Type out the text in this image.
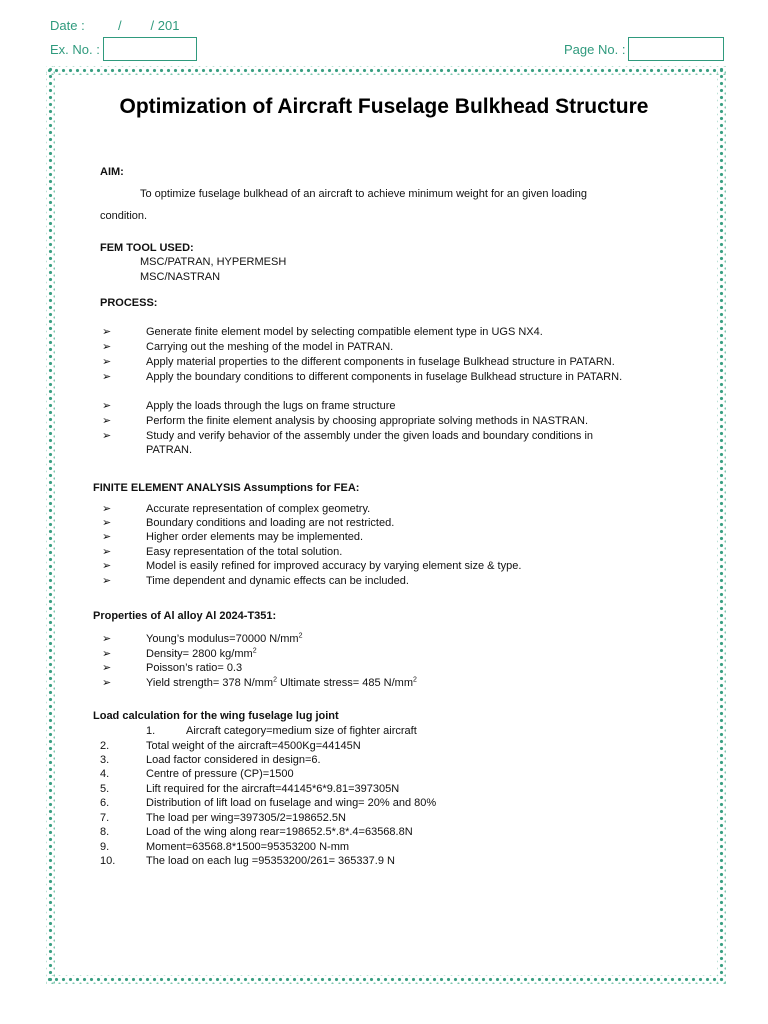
Date :	/        / 201
Ex. No. :	Page No. :
Optimization of Aircraft Fuselage Bulkhead Structure
AIM:
To optimize fuselage bulkhead of an aircraft to achieve minimum weight for an given loading
condition.
FEM TOOL USED:
MSC/PATRAN, HYPERMESH
MSC/NASTRAN
PROCESS:
➢	Generate finite element model by selecting compatible element type in UGS NX4.
➢	Carrying out the meshing of the model in PATRAN.
➢	Apply material properties to the different components in fuselage Bulkhead structure in PATARN.
➢	Apply the boundary conditions to different components in fuselage Bulkhead structure in PATARN.
➢	Apply the loads through the lugs on frame structure
➢	Perform the finite element analysis by choosing appropriate solving methods in NASTRAN.
➢	Study and verify behavior of the assembly under the given loads and boundary conditions in
PATRAN.
FINITE ELEMENT ANALYSIS Assumptions for FEA:
➢	Accurate representation of complex geometry.
➢	Boundary conditions and loading are not restricted.
➢	Higher order elements may be implemented.
➢	Easy representation of the total solution.
➢	Model is easily refined for improved accuracy by varying element size & type.
➢	Time dependent and dynamic effects can be included.
Properties of Al alloy Al 2024-T351:
➢	Young’s modulus=70000 $N/mm^2$
➢	Density= 2800 $kg/mm^2$
➢	Poisson’s ratio= 0.3
➢	Yield strength= 378 $N/mm^2$ Ultimate stress= 485 $N/mm^2$
Load calculation for the wing fuselage lug joint
1.	Aircraft category=medium size of fighter aircraft
2.	Total weight of the aircraft=4500Kg=44145N
3.	Load factor considered in design=6.
4.	Centre of pressure (CP)=1500
5.	Lift required for the aircraft=44145*6*9.81=397305N
6.	Distribution of lift load on fuselage and wing= 20% and 80%
7.	The load per wing=397305/2=198652.5N
8.	Load of the wing along rear=198652.5*.8*.4=63568.8N
9.	Moment=63568.8*1500=95353200 N-mm
10.	The load on each lug =95353200/261= 365337.9 N
